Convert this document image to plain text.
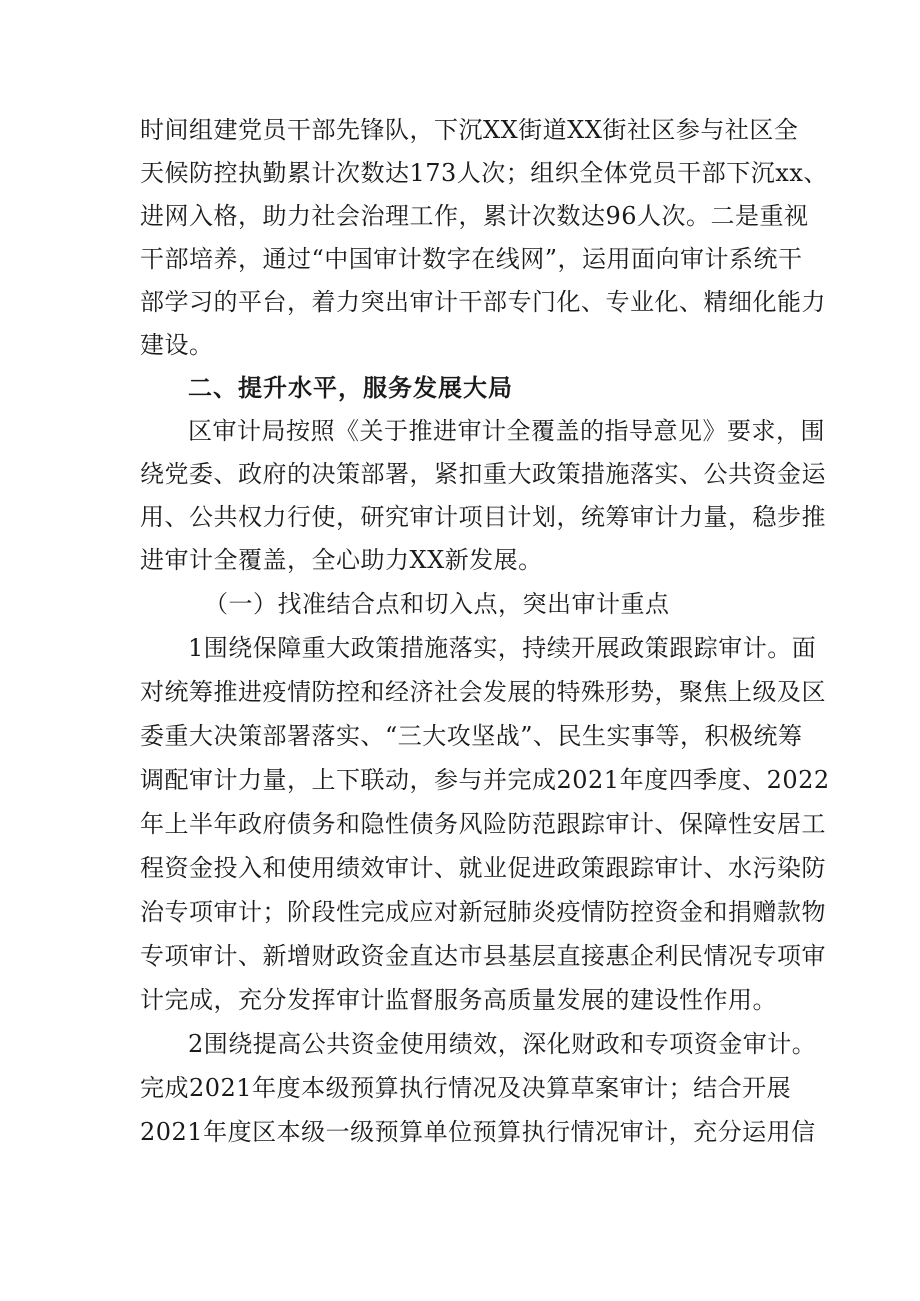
时间组建党员干部先锋队，下沉XX街道XX街社区参与社区全
天候防控执勤累计次数达173人次；组织全体党员干部下沉xx、
进网入格，助力社会治理工作，累计次数达96人次。二是重视
干部培养，通过“中国审计数字在线网”，运用面向审计系统干
部学习的平台，着力突出审计干部专门化、专业化、精细化能力
建设。
二、提升水平，服务发展大局
区审计局按照《关于推进审计全覆盖的指导意见》要求，围
绕党委、政府的决策部署，紧扣重大政策措施落实、公共资金运
用、公共权力行使，研究审计项目计划，统筹审计力量，稳步推
进审计全覆盖，全心助力XX新发展。
（一）找准结合点和切入点，突出审计重点
1围绕保障重大政策措施落实，持续开展政策跟踪审计。面
对统筹推进疫情防控和经济社会发展的特殊形势，聚焦上级及区
委重大决策部署落实、“三大攻坚战”、民生实事等，积极统筹
调配审计力量，上下联动，参与并完成2021年度四季度、2022
年上半年政府债务和隐性债务风险防范跟踪审计、保障性安居工
程资金投入和使用绩效审计、就业促进政策跟踪审计、水污染防
治专项审计；阶段性完成应对新冠肺炎疫情防控资金和捐赠款物
专项审计、新增财政资金直达市县基层直接惠企利民情况专项审
计完成，充分发挥审计监督服务高质量发展的建设性作用。
2围绕提高公共资金使用绩效，深化财政和专项资金审计。
完成2021年度本级预算执行情况及决算草案审计；结合开展
2021年度区本级一级预算单位预算执行情况审计，充分运用信
